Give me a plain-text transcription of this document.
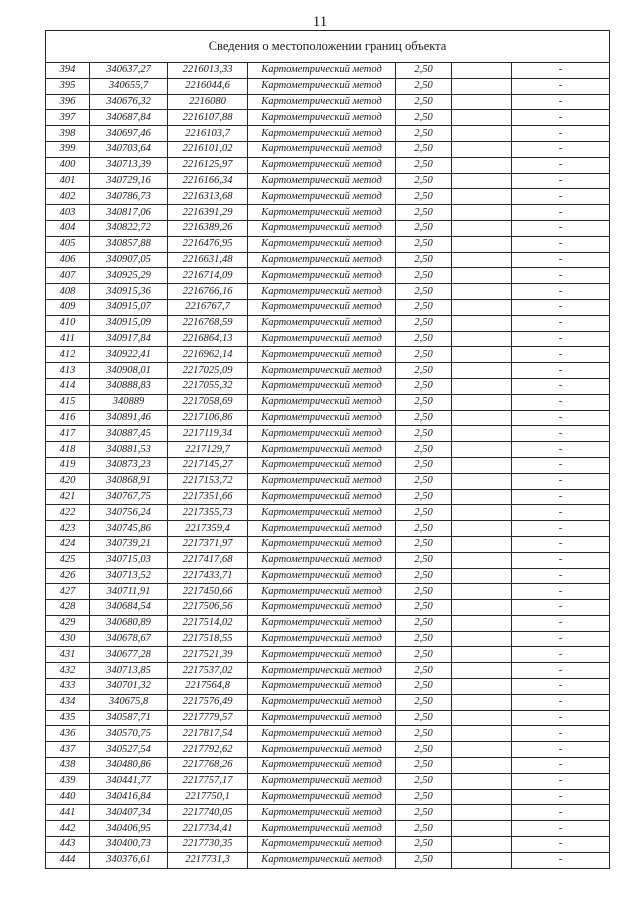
11
Сведения о местоположении границ объекта						
394	340637,27	2216013,33	Картометрический метод	2,50		-
395	340655,7	2216044,6	Картометрический метод	2,50		-
396	340676,32	2216080	Картометрический метод	2,50		-
397	340687,84	2216107,88	Картометрический метод	2,50		-
398	340697,46	2216103,7	Картометрический метод	2,50		-
399	340703,64	2216101,02	Картометрический метод	2,50		-
400	340713,39	2216125,97	Картометрический метод	2,50		-
401	340729,16	2216166,34	Картометрический метод	2,50		-
402	340786,73	2216313,68	Картометрический метод	2,50		-
403	340817,06	2216391,29	Картометрический метод	2,50		-
404	340822,72	2216389,26	Картометрический метод	2,50		-
405	340857,88	2216476,95	Картометрический метод	2,50		-
406	340907,05	2216631,48	Картометрический метод	2,50		-
407	340925,29	2216714,09	Картометрический метод	2,50		-
408	340915,36	2216766,16	Картометрический метод	2,50		-
409	340915,07	2216767,7	Картометрический метод	2,50		-
410	340915,09	2216768,59	Картометрический метод	2,50		-
411	340917,84	2216864,13	Картометрический метод	2,50		-
412	340922,41	2216962,14	Картометрический метод	2,50		-
413	340908,01	2217025,09	Картометрический метод	2,50		-
414	340888,83	2217055,32	Картометрический метод	2,50		-
415	340889	2217058,69	Картометрический метод	2,50		-
416	340891,46	2217106,86	Картометрический метод	2,50		-
417	340887,45	2217119,34	Картометрический метод	2,50		-
418	340881,53	2217129,7	Картометрический метод	2,50		-
419	340873,23	2217145,27	Картометрический метод	2,50		-
420	340868,91	2217153,72	Картометрический метод	2,50		-
421	340767,75	2217351,66	Картометрический метод	2,50		-
422	340756,24	2217355,73	Картометрический метод	2,50		-
423	340745,86	2217359,4	Картометрический метод	2,50		-
424	340739,21	2217371,97	Картометрический метод	2,50		-
425	340715,03	2217417,68	Картометрический метод	2,50		-
426	340713,52	2217433,71	Картометрический метод	2,50		-
427	340711,91	2217450,66	Картометрический метод	2,50		-
428	340684,54	2217506,56	Картометрический метод	2,50		-
429	340680,89	2217514,02	Картометрический метод	2,50		-
430	340678,67	2217518,55	Картометрический метод	2,50		-
431	340677,28	2217521,39	Картометрический метод	2,50		-
432	340713,85	2217537,02	Картометрический метод	2,50		-
433	340701,32	2217564,8	Картометрический метод	2,50		-
434	340675,8	2217576,49	Картометрический метод	2,50		-
435	340587,71	2217779,57	Картометрический метод	2,50		-
436	340570,75	2217817,54	Картометрический метод	2,50		-
437	340527,54	2217792,62	Картометрический метод	2,50		-
438	340480,86	2217768,26	Картометрический метод	2,50		-
439	340441,77	2217757,17	Картометрический метод	2,50		-
440	340416,84	2217750,1	Картометрический метод	2,50		-
441	340407,34	2217740,05	Картометрический метод	2,50		-
442	340406,95	2217734,41	Картометрический метод	2,50		-
443	340400,73	2217730,35	Картометрический метод	2,50		-
444	340376,61	2217731,3	Картометрический метод	2,50		-
